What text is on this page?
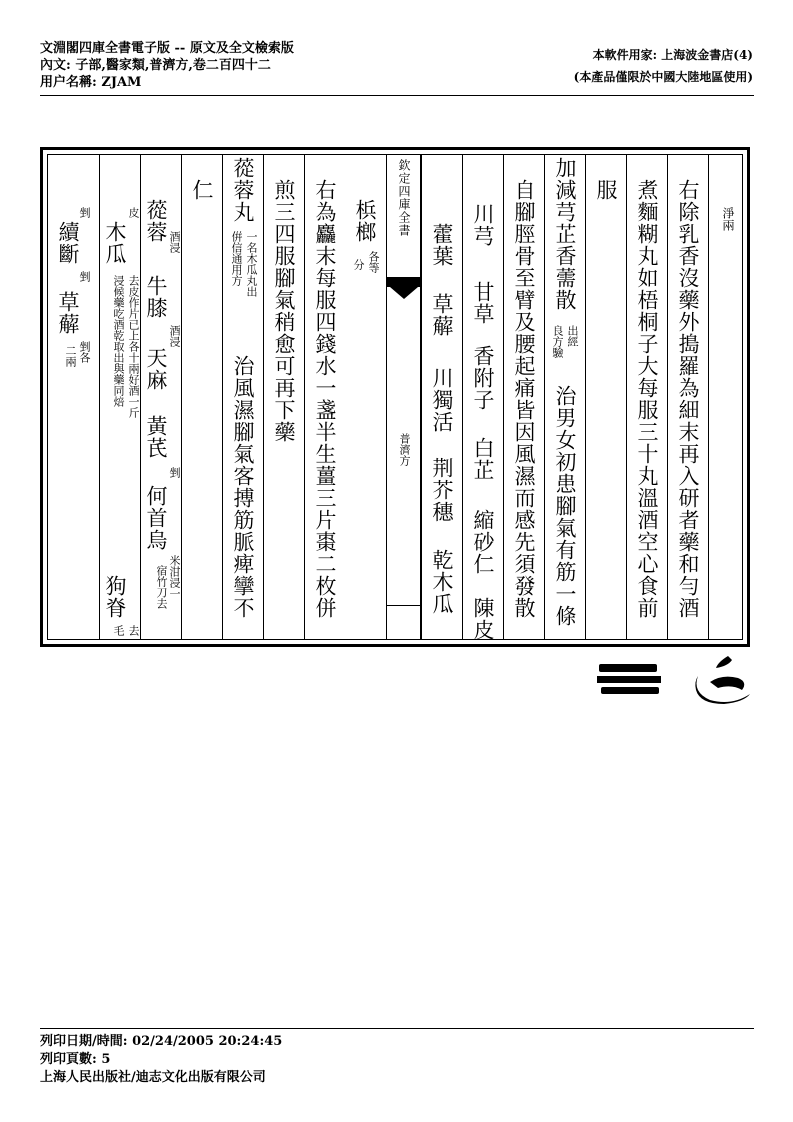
文淵閣四庫全書電子版 -- 原文及全文檢索版
內文: 子部,醫家類,普濟方,卷二百四十二
用户名稱: ZJAM
本軟件用家: 上海波金書店(4)
(本產品僅限於中國大陸地區使用)
淨兩
右除乳香沒藥外搗羅為細末再入研者藥和勻酒
煮麵糊丸如梧桐子大每服三十丸溫酒空心食前
服
加減芎芷香薷散
出經
良方驗
治男女初患腳氣有筋一條
自腳脛骨至臂及腰起痛皆因風濕而感先須發散
川芎
甘草
香附子
白芷
縮砂仁
陳皮
藿葉
草薢
川獨活
荆芥穗
乾木瓜
欽定四庫全書
普濟方
梹榔
各等
分
右為麤末每服四錢水一盞半生薑三片棗二枚併
煎三四服腳氣稍愈可再下藥
蓯蓉丸
一名木瓜丸出
倂信通用方
治風濕腳氣客搏筋脈痺攣不
仁
蓯蓉 酒浸
牛膝
酒浸
天麻
黃芪
剉
何首烏
米泔浸一
宿竹刀去
皮
木瓜
去皮作片已上各十兩好酒一斤
浸候藥吃酒乾取出與藥同焙
狗脊
去
毛
剉
續斷
剉
草薢
剉各
二兩
列印日期/時間: 02/24/2005 20:24:45
列印頁數: 5
上海人民出版社/迪志文化出版有限公司
